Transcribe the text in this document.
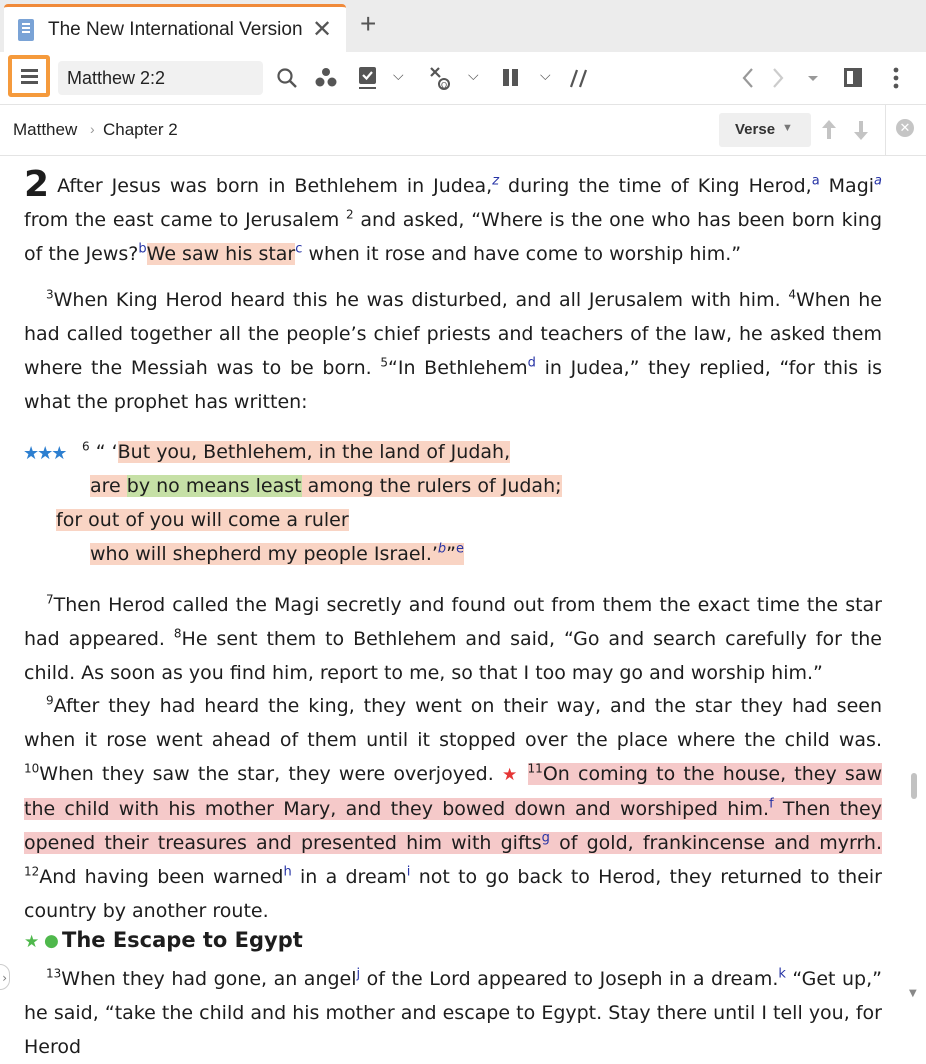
The New International Version ✕ +
Matthew 2:2
⌵
Ω
⌵	⌵
Matthew › Chapter 2	Verse ▼	✕

2 After Jesus was born in Bethlehem in Judea,$^z$ during the time of King Herod,$^a$ Magi$^a$ from the east came to Jerusalem $^2$ and asked, “Where is the one who has been born king of the Jews?$^b$We saw his star$^c$ when it rose and have come to worship him.”

$^3$When King Herod heard this he was disturbed, and all Jerusalem with him. $^4$When he had called together all the people’s chief priests and teachers of the law, he asked them where the Messiah was to be born. $^5$“In Bethlehem$^d$ in Judea,” they replied, “for this is what the prophet has written:

★★★ $^6$ “ ‘But you, Bethlehem, in the land of Judah,
are by no means least among the rulers of Judah;
for out of you will come a ruler
who will shepherd my people Israel.’$^b$”$^e$

$^7$Then Herod called the Magi secretly and found out from them the exact time the star had appeared. $^8$He sent them to Bethlehem and said, “Go and search carefully for the child. As soon as you find him, report to me, so that I too may go and worship him.”

$^9$After they had heard the king, they went on their way, and the star they had seen when it rose went ahead of them until it stopped over the place where the child was. $^{10}$When they saw the star, they were overjoyed. ★ $^{11}$On coming to the house, they saw the child with his mother Mary, and they bowed down and worshiped him.$^f$ Then they opened their treasures and presented him with gifts$^g$ of gold, frankincense and myrrh. $^{12}$And having been warned$^h$ in a dream$^i$ not to go back to Herod, they returned to their country by another route.

★ ● The Escape to Egypt

$^{13}$When they had gone, an angel$^j$ of the Lord appeared to Joseph in a dream.$^k$ “Get up,” he said, “take the child and his mother and escape to Egypt. Stay there until I tell you, for Herod

▼
›
